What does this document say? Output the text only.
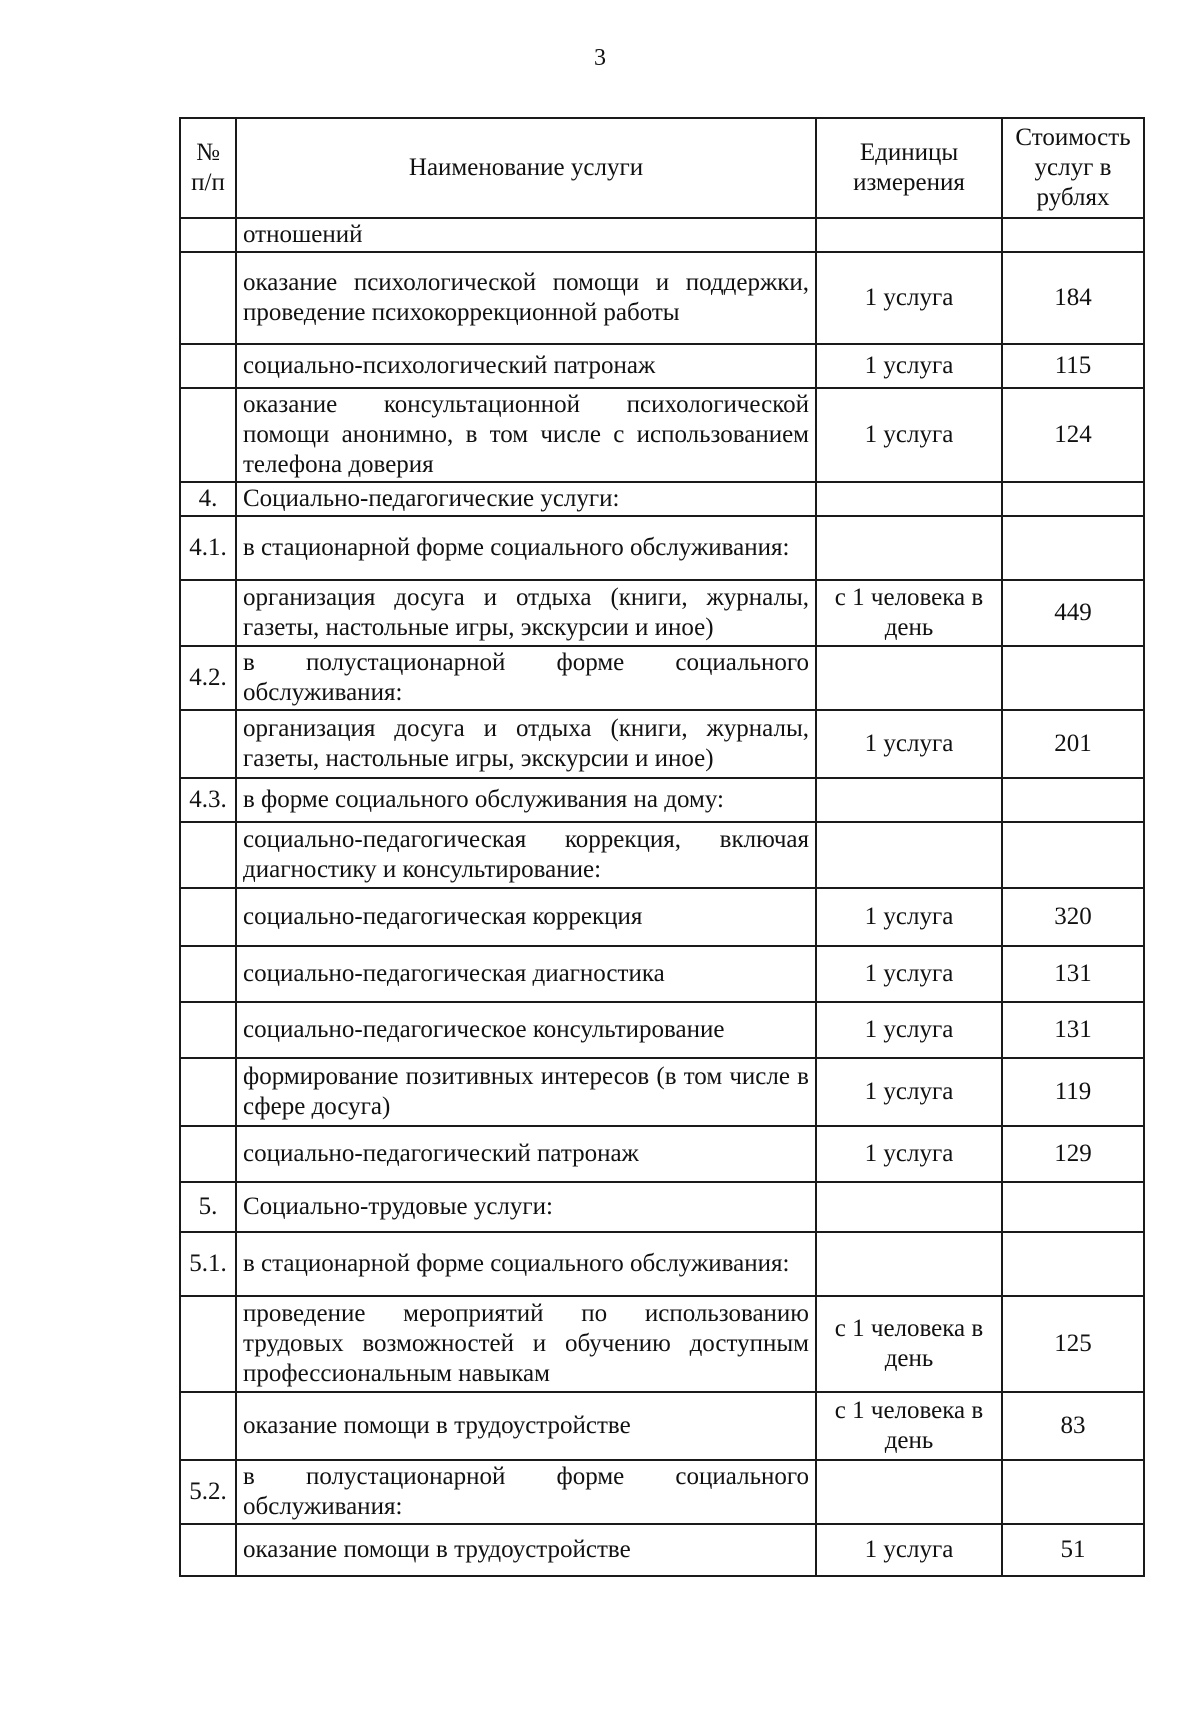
3
№ п/п	Наименование услуги	Единицы измерения	Стоимость услуг в рублях
	отношений		
	оказание психологической помощи и поддержки, проведение психокоррекционной работы	1 услуга	184
	социально-психологический патронаж	1 услуга	115
	оказание консультационной психологической помощи анонимно, в том числе с использованием телефона доверия	1 услуга	124
4.	Социально-педагогические услуги:		
4.1.	в стационарной форме социального обслуживания:		
	организация досуга и отдыха (книги, журналы, газеты, настольные игры, экскурсии и иное)	с 1 человека в день	449
4.2.	в полустационарной форме социального обслуживания:		
	организация досуга и отдыха (книги, журналы, газеты, настольные игры, экскурсии и иное)	1 услуга	201
4.3.	в форме социального обслуживания на дому:		
	социально-педагогическая коррекция, включая диагностику и консультирование:		
	социально-педагогическая коррекция	1 услуга	320
	социально-педагогическая диагностика	1 услуга	131
	социально-педагогическое консультирование	1 услуга	131
	формирование позитивных интересов (в том числе в сфере досуга)	1 услуга	119
	социально-педагогический патронаж	1 услуга	129
5.	Социально-трудовые услуги:		
5.1.	в стационарной форме социального обслуживания:		
	проведение мероприятий по использованию трудовых возможностей и обучению доступным профессиональным навыкам	с 1 человека в день	125
	оказание помощи в трудоустройстве	с 1 человека в день	83
5.2.	в полустационарной форме социального обслуживания:		
	оказание помощи в трудоустройстве	1 услуга	51
